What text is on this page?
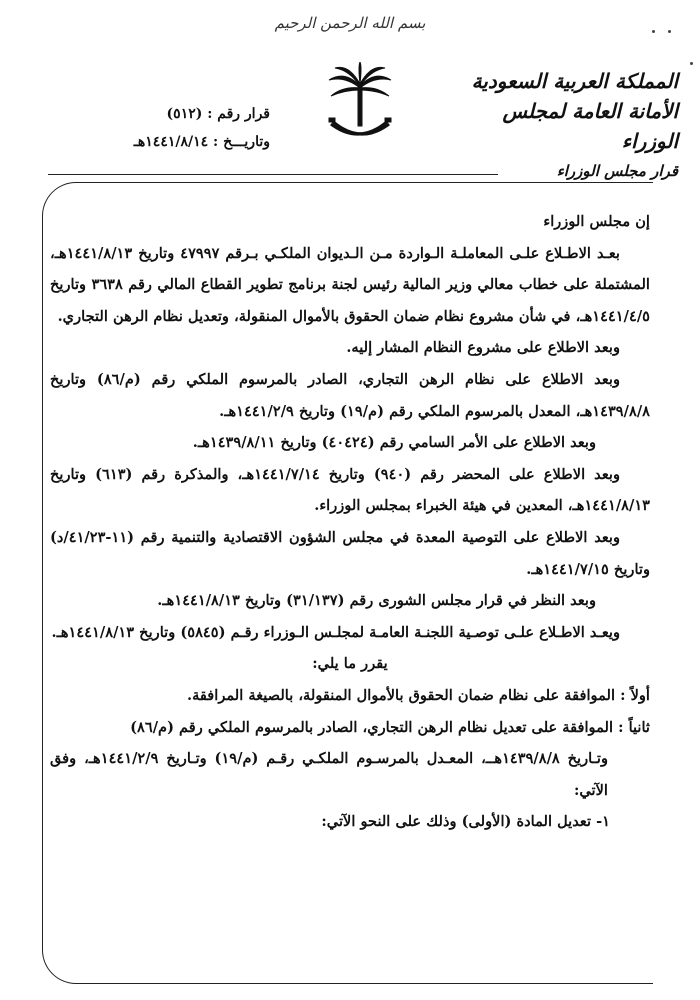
بسم الله الرحمن الرحيم
المملكة العربية السعودية
الأمانة العامة لمجلس الوزراء
قرار رقم : (٥١٢)
وتاريـــخ : ١٤٤١/٨/١٤هـ
قرار مجلس الوزراء

إن مجلس الوزراء

بعـد الاطـلاع علـى المعاملـة الـواردة مـن الـديوان الملكـي بـرقم ٤٧٩٩٧ وتاريخ ١٤٤١/٨/١٣هـ، المشتملة على خطاب معالي وزير المالية رئيس لجنة برنامج تطوير القطاع المالي رقم ٣٦٣٨ وتاريخ ١٤٤١/٤/٥هـ، في شأن مشروع نظام ضمان الحقوق بالأموال المنقولة، وتعديل نظام الرهن التجاري.

وبعد الاطلاع على مشروع النظام المشار إليه.

وبعد الاطلاع على نظام الرهن التجاري، الصادر بالمرسوم الملكي رقم (م/٨٦) وتاريخ ١٤٣٩/٨/٨هـ، المعدل بالمرسوم الملكي رقم (م/١٩) وتاريخ ١٤٤١/٢/٩هـ.

وبعد الاطلاع على الأمر السامي رقم (٤٠٤٢٤) وتاريخ ١٤٣٩/٨/١١هـ.

وبعد الاطلاع على المحضر رقم (٩٤٠) وتاريخ ١٤٤١/٧/١٤هـ، والمذكرة رقم (٦١٣) وتاريخ ١٤٤١/٨/١٣هـ، المعدين في هيئة الخبراء بمجلس الوزراء.

وبعد الاطلاع على التوصية المعدة في مجلس الشؤون الاقتصادية والتنمية رقم (١١-٤١/٢٣/د) وتاريخ ١٤٤١/٧/١٥هـ.

وبعد النظر في قرار مجلس الشورى رقم (٣١/١٣٧) وتاريخ ١٤٤١/٨/١٣هـ.

ويعـد الاطـلاع علـى توصـية اللجنـة العامـة لمجلـس الـوزراء رقـم (٥٨٤٥) وتاريخ ١٤٤١/٨/١٣هـ.

يقرر ما يلي:

أولاً : الموافقة على نظام ضمان الحقوق بالأموال المنقولة، بالصيغة المرافقة.

ثانياً : الموافقة على تعديل نظام الرهن التجاري، الصادر بالمرسوم الملكي رقم (م/٨٦)

وتـاريخ ١٤٣٩/٨/٨هــ، المعـدل بالمرسـوم الملكـي رقـم (م/١٩) وتـاريخ ١٤٤١/٢/٩هـ، وفق الآتي:

١- تعديل المادة (الأولى) وذلك على النحو الآتي:
